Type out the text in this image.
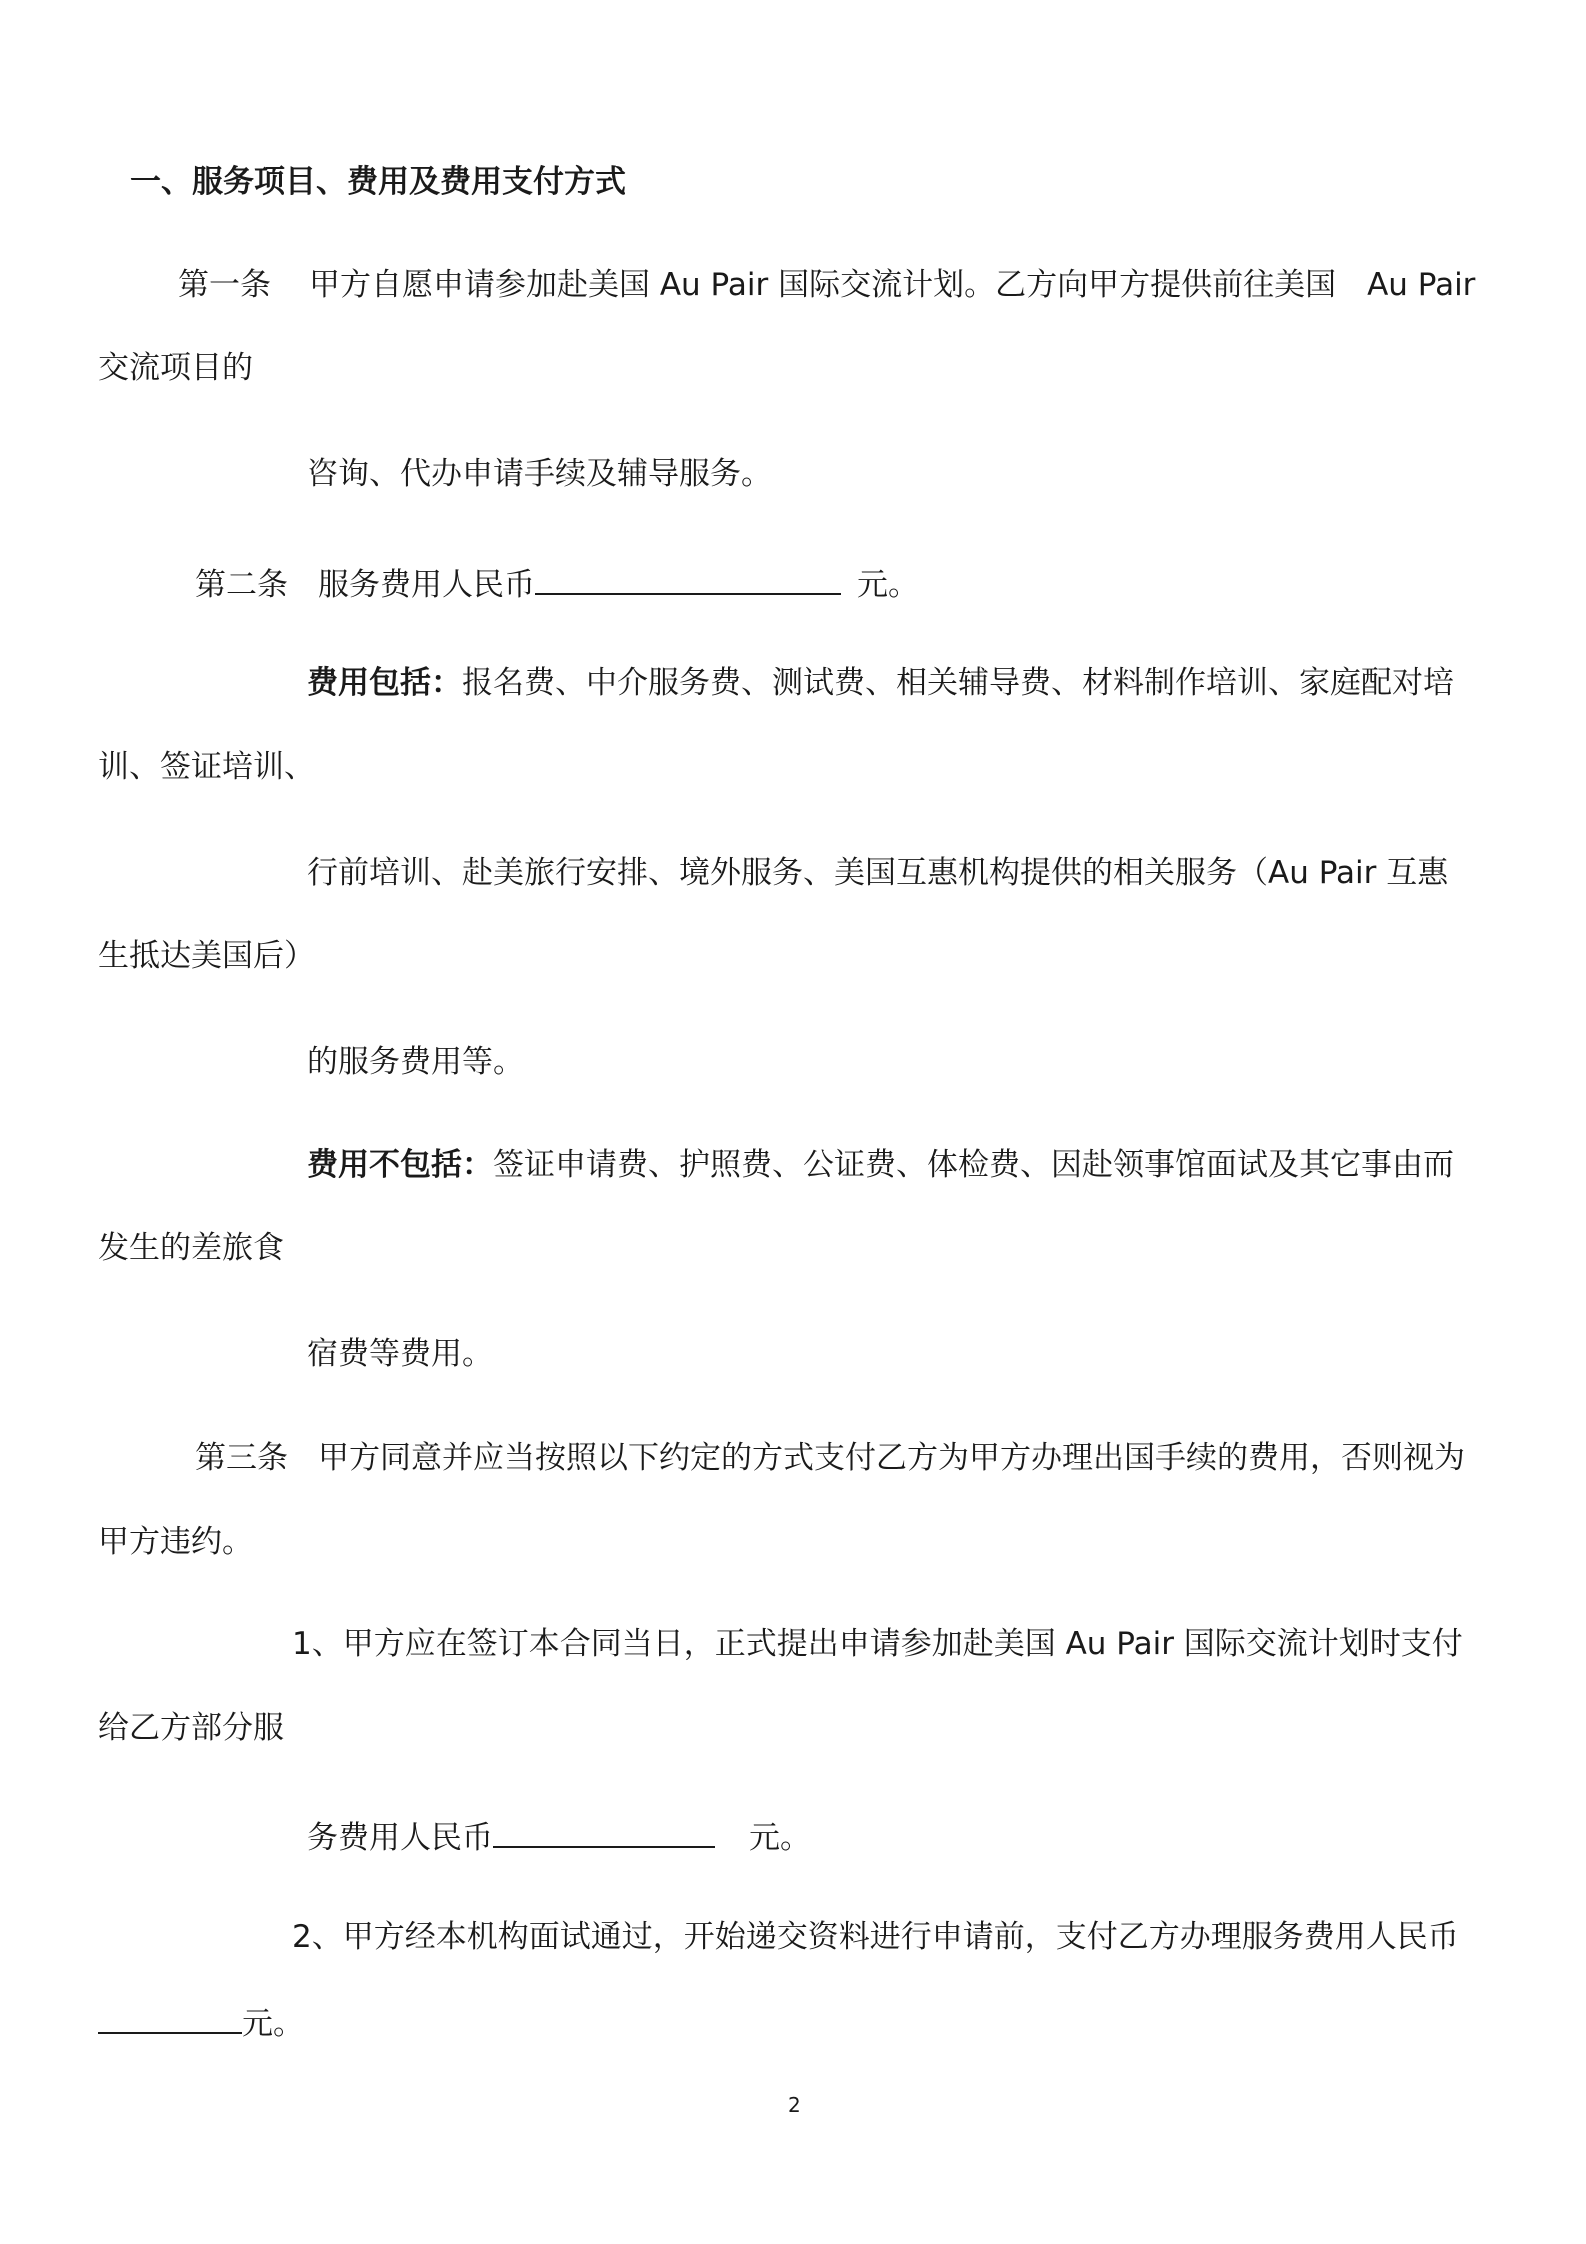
一、服务项目、费用及费用支付方式
第一条 甲方自愿申请参加赴美国 Au Pair 国际交流计划。乙方向甲方提供前往美国　Au Pair
交流项目的
咨询、代办申请手续及辅导服务。
第二条 服务费用人民币	元。
费用包括：报名费、中介服务费、测试费、相关辅导费、材料制作培训、家庭配对培
训、签证培训、
行前培训、赴美旅行安排、境外服务、美国互惠机构提供的相关服务（Au Pair 互惠
生抵达美国后）
的服务费用等。
费用不包括：签证申请费、护照费、公证费、体检费、因赴领事馆面试及其它事由而
发生的差旅食
宿费等费用。
第三条 甲方同意并应当按照以下约定的方式支付乙方为甲方办理出国手续的费用，否则视为
甲方违约。
1、甲方应在签订本合同当日，正式提出申请参加赴美国 Au Pair 国际交流计划时支付
给乙方部分服
务费用人民币	元。
2、甲方经本机构面试通过，开始递交资料进行申请前，支付乙方办理服务费用人民币
元。
2
